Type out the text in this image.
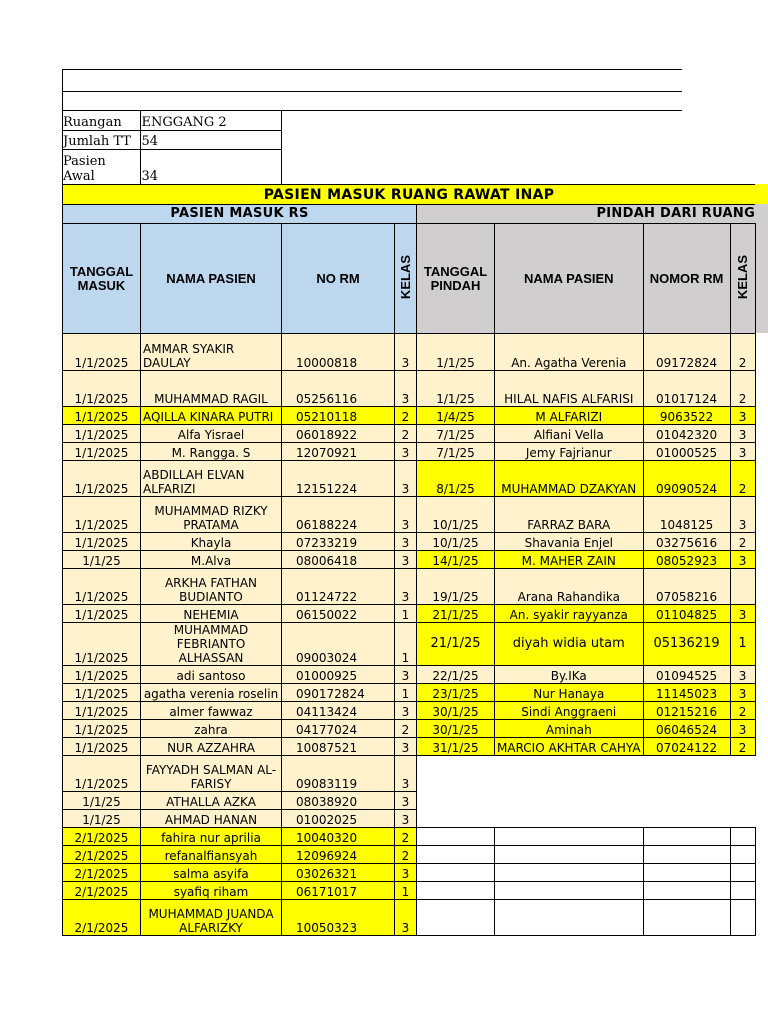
Ruangan	ENGGANG 2
Jumlah TT	54
Pasien Awal	34
PASIEN MASUK RUANG RAWAT INAP							
PASIEN MASUK RS				PINDAH DARI RUANG			
TANGGAL MASUK	NAMA PASIEN	NO RM	KELAS	TANGGAL PINDAH	NAMA PASIEN	NOMOR RM	KELAS
1/1/2025	AMMAR SYAKIR DAULAY	10000818	3	1/1/25	An. Agatha Verenia	09172824	2
1/1/2025	MUHAMMAD RAGIL	05256116	3	1/1/25	HILAL NAFIS ALFARISI	01017124	2
1/1/2025	AQILLA KINARA PUTRI	05210118	2	1/4/25	M ALFARIZI	9063522	3
1/1/2025	Alfa Yisrael	06018922	2	7/1/25	Alfiani Vella	01042320	3
1/1/2025	M. Rangga. S	12070921	3	7/1/25	Jemy Fajrianur	01000525	3
1/1/2025	ABDILLAH ELVAN ALFARIZI	12151224	3	8/1/25	MUHAMMAD DZAKYAN	09090524	2
1/1/2025	MUHAMMAD RIZKY PRATAMA	06188224	3	10/1/25	FARRAZ BARA	1048125	3
1/1/2025	Khayla	07233219	3	10/1/25	Shavania Enjel	03275616	2
1/1/25	M.Alva	08006418	3	14/1/25	M. MAHER ZAIN	08052923	3
1/1/2025	ARKHA FATHAN BUDIANTO	01124722	3	19/1/25	Arana Rahandika	07058216	
1/1/2025	NEHEMIA	06150022	1	21/1/25	An. syakir rayyanza	01104825	3
1/1/2025	MUHAMMAD FEBRIANTO ALHASSAN	09003024	1	21/1/25	diyah widia utam	05136219	1
1/1/2025	adi santoso	01000925	3	22/1/25	By.IKa	01094525	3
1/1/2025	agatha verenia roselin	090172824	1	23/1/25	Nur Hanaya	11145023	3
1/1/2025	almer fawwaz	04113424	3	30/1/25	Sindi Anggraeni	01215216	2
1/1/2025	zahra	04177024	2	30/1/25	Aminah	06046524	3
1/1/2025	NUR AZZAHRA	10087521	3	31/1/25	MARCIO AKHTAR CAHYA	07024122	2
1/1/2025	FAYYADH SALMAN AL-FARISY	09083119	3				
1/1/25	ATHALLA AZKA	08038920	3				
1/1/25	AHMAD HANAN	01002025	3				
2/1/2025	fahira nur aprilia	10040320	2				
2/1/2025	refanalfiansyah	12096924	2				
2/1/2025	salma asyifa	03026321	3				
2/1/2025	syafiq riham	06171017	1				
2/1/2025	MUHAMMAD JUANDA ALFARIZKY	10050323	3				
